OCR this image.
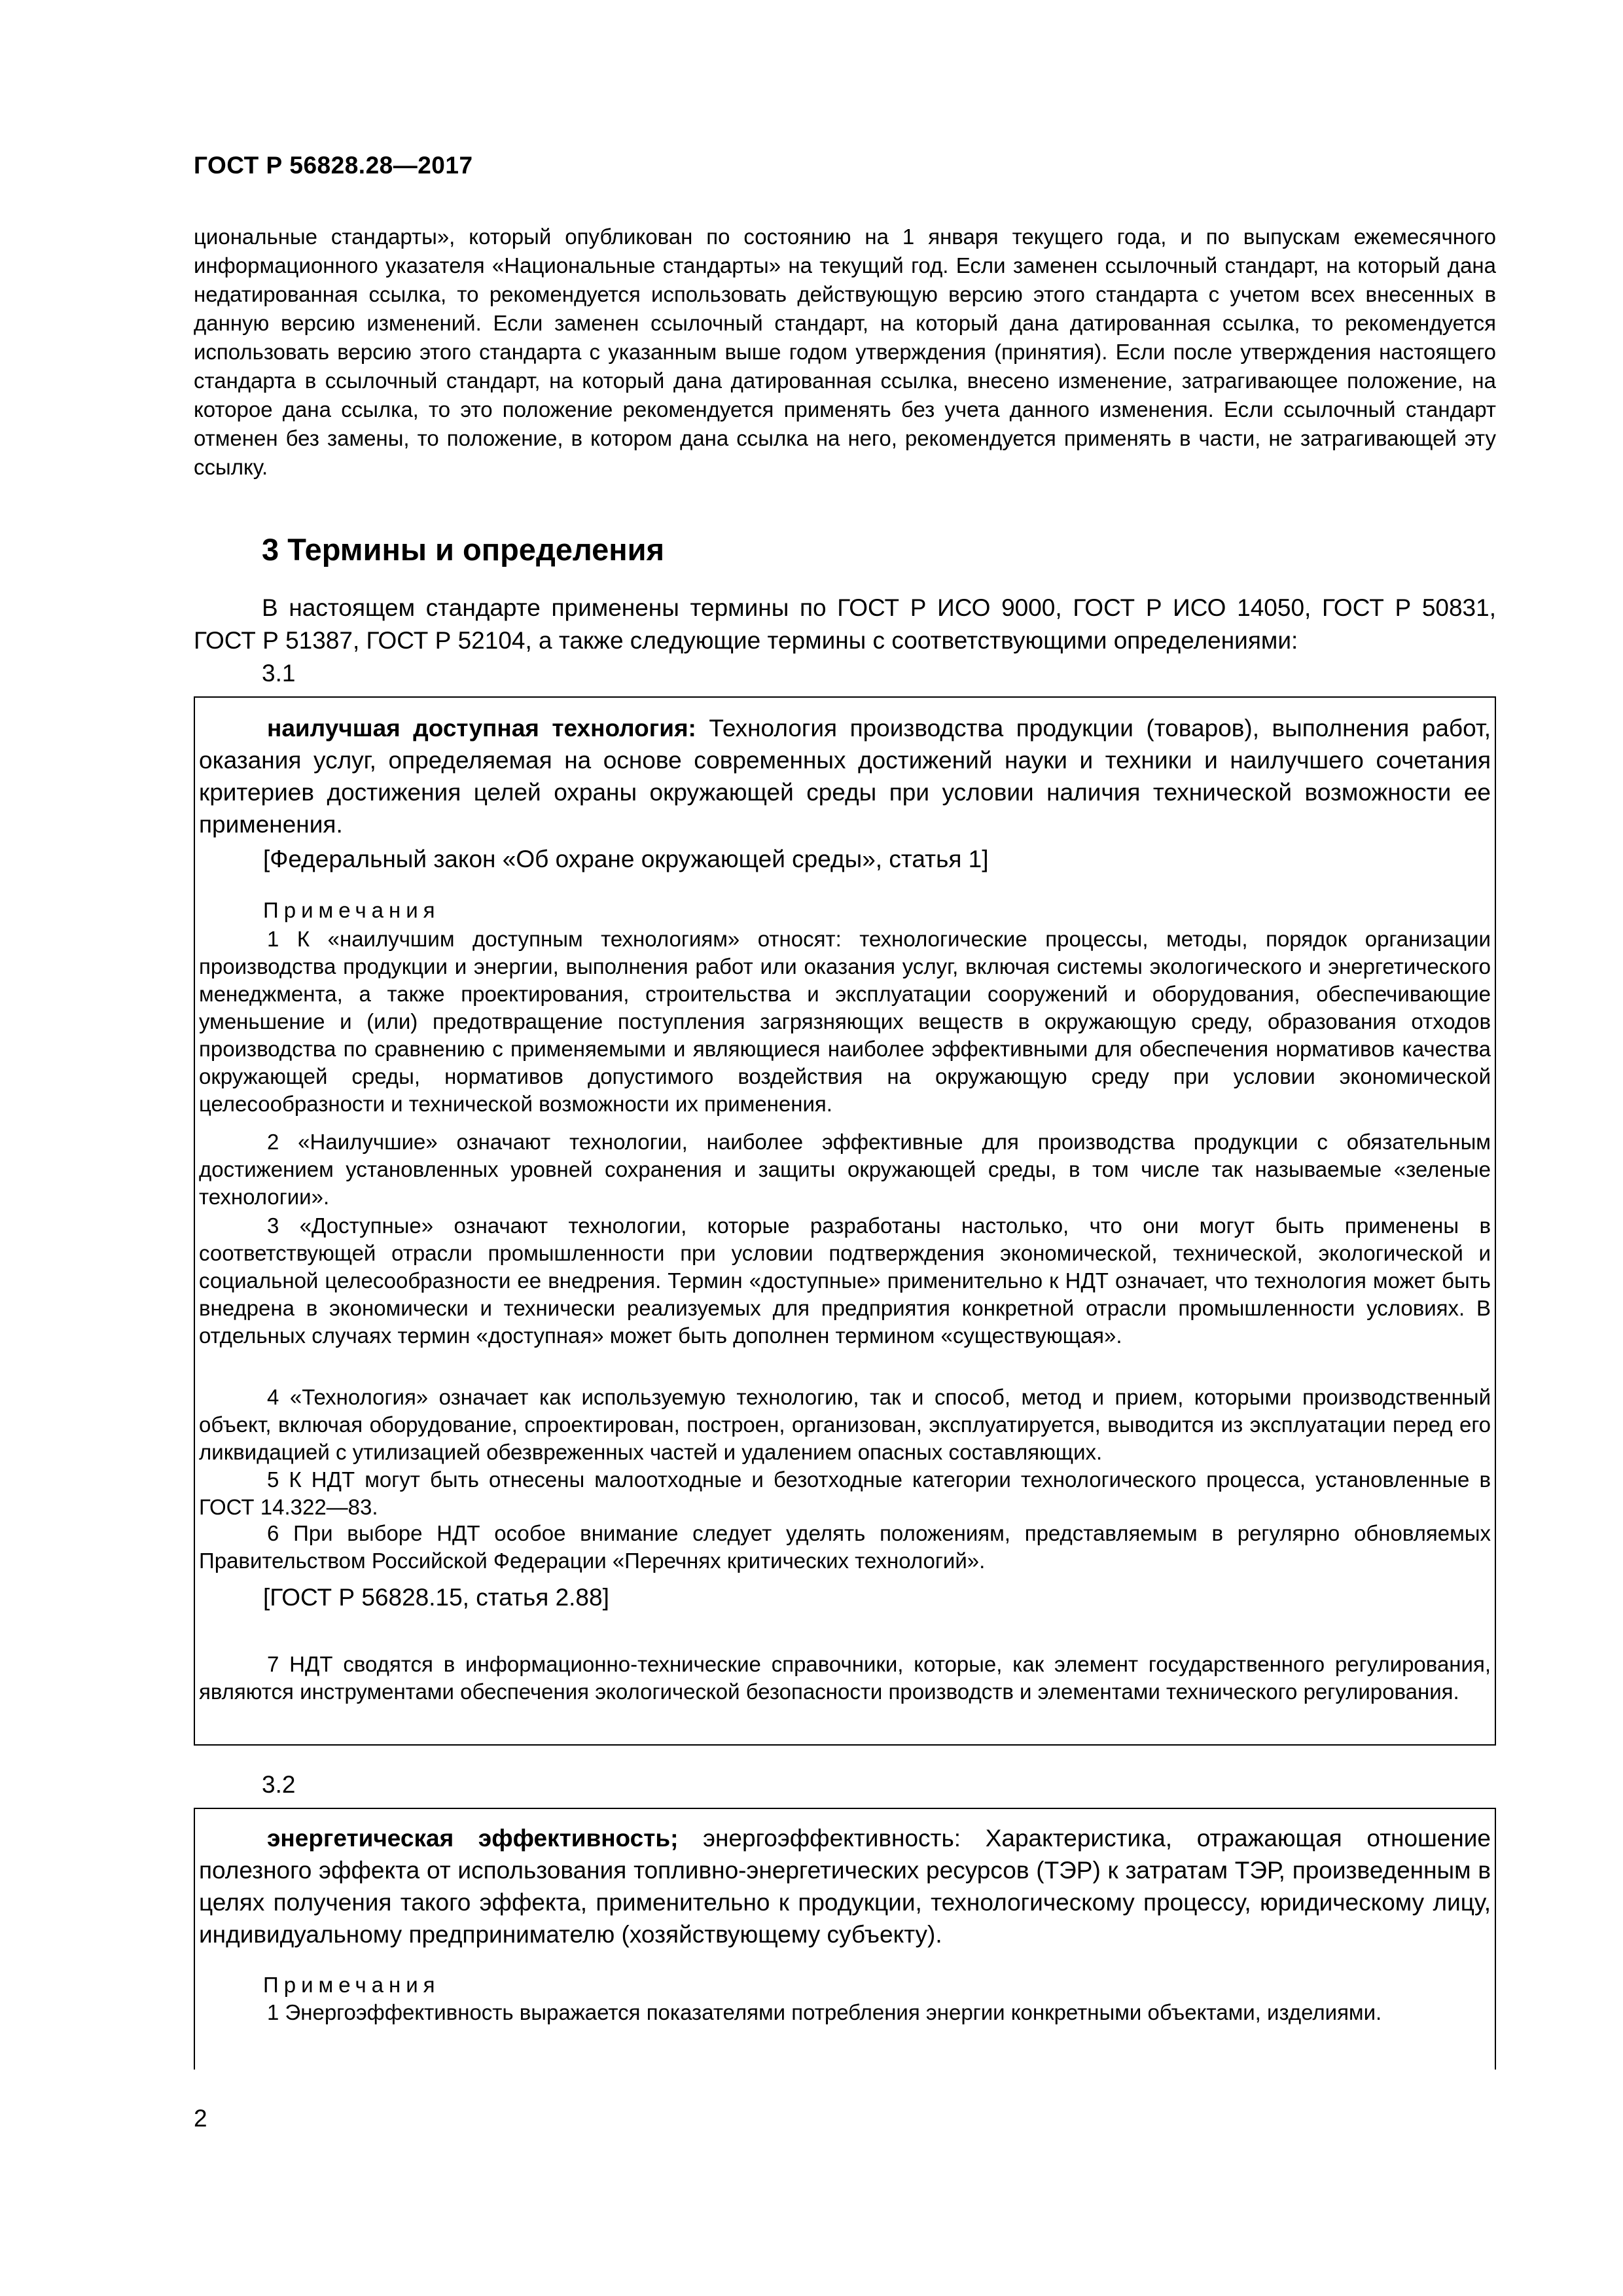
ГОСТ Р 56828.28—2017

циональные стандарты», который опубликован по состоянию на 1 января текущего года, и по выпускам ежемесячного информационного указателя «Национальные стандарты» на текущий год. Если заменен ссылочный стандарт, на который дана недатированная ссылка, то рекомендуется использовать действующую версию этого стандарта с учетом всех внесенных в данную версию изменений. Если заменен ссылочный стандарт, на который дана датированная ссылка, то рекомендуется использовать версию этого стандарта с указанным выше годом утверждения (принятия). Если после утверждения настоящего стандарта в ссылочный стандарт, на который дана датированная ссылка, внесено изменение, затрагивающее положение, на которое дана ссылка, то это положение рекомендуется применять без учета данного изменения. Если ссылочный стандарт отменен без замены, то положение, в котором дана ссылка на него, рекомендуется применять в части, не затрагивающей эту ссылку.

3 Термины и определения

В настоящем стандарте применены термины по ГОСТ Р ИСО 9000, ГОСТ Р ИСО 14050, ГОСТ Р 50831, ГОСТ Р 51387, ГОСТ Р 52104, а также следующие термины с соответствующими определениями:

3.1

наилучшая доступная технология: Технология производства продукции (товаров), выполнения работ, оказания услуг, определяемая на основе современных достижений науки и техники и наилучшего сочетания критериев достижения целей охраны окружающей среды при условии наличия технической возможности ее применения.

[Федеральный закон «Об охране окружающей среды», статья 1]

Примечания

1 К «наилучшим доступным технологиям» относят: технологические процессы, методы, порядок организации производства продукции и энергии, выполнения работ или оказания услуг, включая системы экологического и энергетического менеджмента, а также проектирования, строительства и эксплуатации сооружений и оборудования, обеспечивающие уменьшение и (или) предотвращение поступления загрязняющих веществ в окружающую среду, образования отходов производства по сравнению с применяемыми и являющиеся наиболее эффективными для обеспечения нормативов качества окружающей среды, нормативов допустимого воздействия на окружающую среду при условии экономической целесообразности и технической возможности их применения.

2 «Наилучшие» означают технологии, наиболее эффективные для производства продукции с обязательным достижением установленных уровней сохранения и защиты окружающей среды, в том числе так называемые «зеленые технологии».

3 «Доступные» означают технологии, которые разработаны настолько, что они могут быть применены в соответствующей отрасли промышленности при условии подтверждения экономической, технической, экологической и социальной целесообразности ее внедрения. Термин «доступные» применительно к НДТ означает, что технология может быть внедрена в экономически и технически реализуемых для предприятия конкретной отрасли промышленности условиях. В отдельных случаях термин «доступная» может быть дополнен термином «существующая».

4 «Технология» означает как используемую технологию, так и способ, метод и прием, которыми производственный объект, включая оборудование, спроектирован, построен, организован, эксплуатируется, выводится из эксплуатации перед его ликвидацией с утилизацией обезвреженных частей и удалением опасных составляющих.

5 К НДТ могут быть отнесены малоотходные и безотходные категории технологического процесса, установленные в ГОСТ 14.322—83.

6 При выборе НДТ особое внимание следует уделять положениям, представляемым в регулярно обновляемых Правительством Российской Федерации «Перечнях критических технологий».

[ГОСТ Р 56828.15, статья 2.88]

7 НДТ сводятся в информационно-технические справочники, которые, как элемент государственного регулирования, являются инструментами обеспечения экологической безопасности производств и элементами технического регулирования.

3.2

энергетическая эффективность; энергоэффективность: Характеристика, отражающая отношение полезного эффекта от использования топливно-энергетических ресурсов (ТЭР) к затратам ТЭР, произведенным в целях получения такого эффекта, применительно к продукции, технологическому процессу, юридическому лицу, индивидуальному предпринимателю (хозяйствующему субъекту).

Примечания

1 Энергоэффективность выражается показателями потребления энергии конкретными объектами, изделиями.

2
